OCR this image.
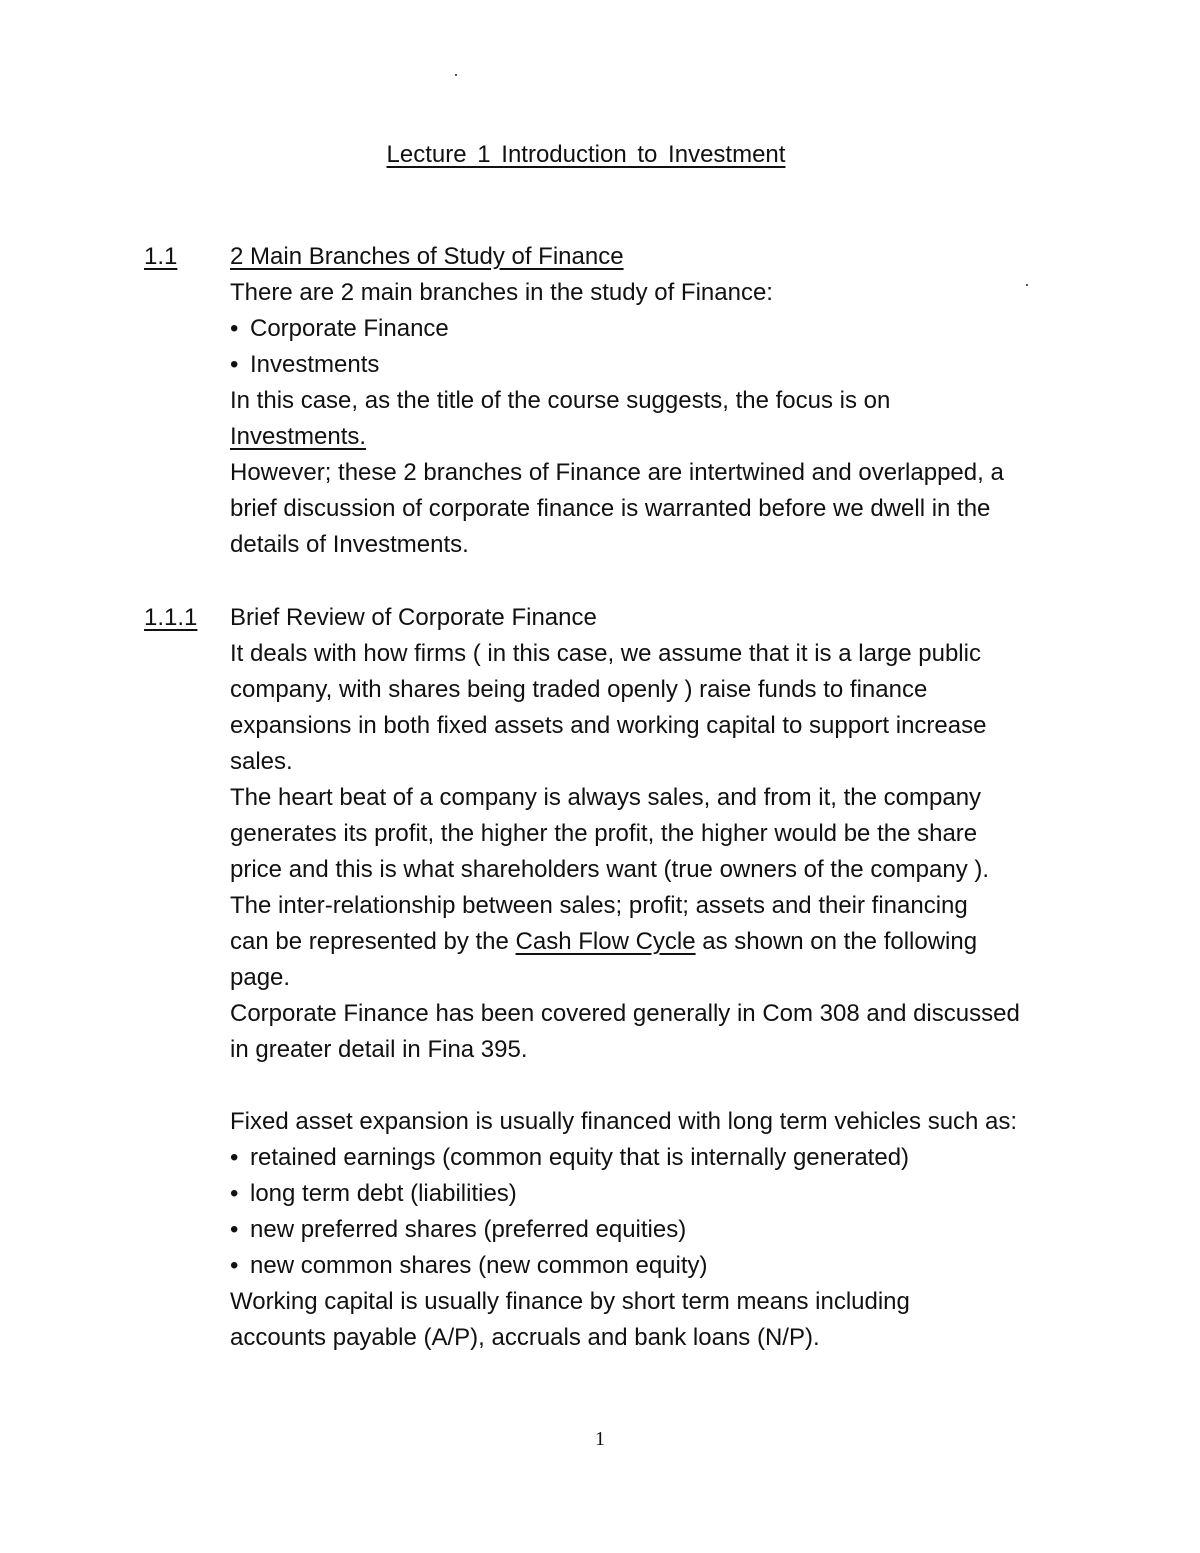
Lecture 1 Introduction to Investment
1.1 2 Main Branches of Study of Finance
There are 2 main branches in the study of Finance:
• Corporate Finance
• Investments
In this case, as the title of the course suggests, the focus is on
Investments.
However; these 2 branches of Finance are intertwined and overlapped, a
brief discussion of corporate finance is warranted before we dwell in the
details of Investments.
1.1.1 Brief Review of Corporate Finance
It deals with how firms ( in this case, we assume that it is a large public
company, with shares being traded openly ) raise funds to finance
expansions in both fixed assets and working capital to support increase
sales.
The heart beat of a company is always sales, and from it, the company
generates its profit, the higher the profit, the higher would be the share
price and this is what shareholders want (true owners of the company ).
The inter-relationship between sales; profit; assets and their financing
can be represented by the Cash Flow Cycle as shown on the following
page.
Corporate Finance has been covered generally in Com 308 and discussed
in greater detail in Fina 395.
Fixed asset expansion is usually financed with long term vehicles such as:
• retained earnings (common equity that is internally generated)
• long term debt (liabilities)
• new preferred shares (preferred equities)
• new common shares (new common equity)
Working capital is usually finance by short term means including
accounts payable (A/P), accruals and bank loans (N/P).
1
